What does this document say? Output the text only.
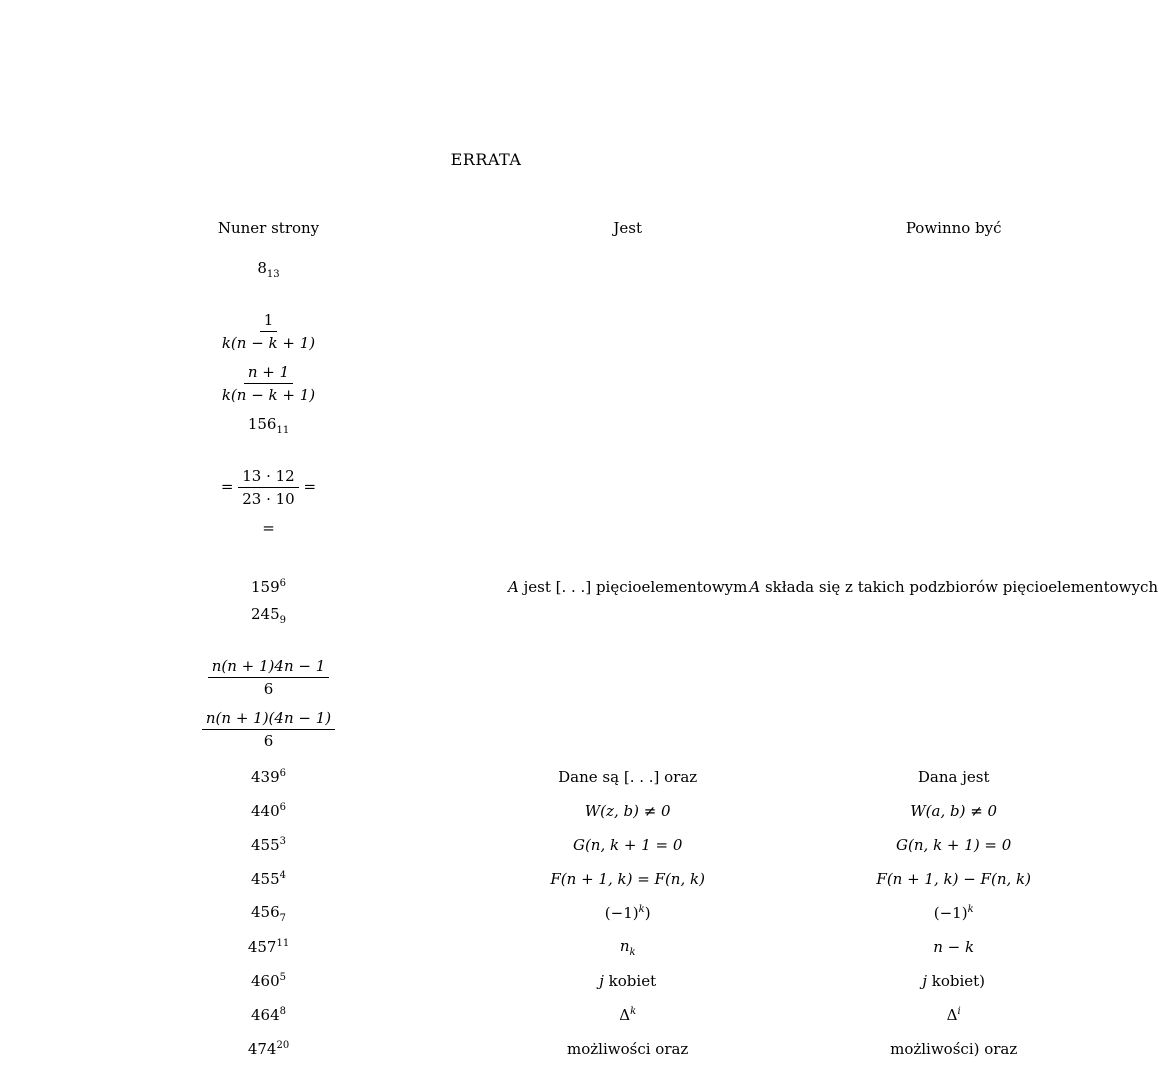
ERRATA
Nuner strony	Jest	Powinno być

$8_{13}$
$\frac{1}{k(n - k + 1)}$
$\frac{n + 1}{k(n - k + 1)}$
$156_{11}$
= $\frac{13 \cdot 12}{23 \cdot 10}$ =
=
$159^6$	A jest [. . .] pięcioelementowym	A składa się z takich podzbiorów pięcioelementowych

$245_9$
$\frac{n(n + 1)4n - 1}{6}$
$\frac{n(n + 1)(4n - 1)}{6}$
$439^6$	Dane są [. . .] oraz	Dana jest
$440^6$	W(z, b) ≠ 0	W(a, b) ≠ 0
$455^3$	G(n, k + 1 = 0	G(n, k + 1) = 0
$455^4$	F(n + 1, k) = F(n, k)	F(n + 1, k) − F(n, k)
$456_7$	$(-1)^k$)	$(-1)^k$
$457^{11}$	$n_k$	n − k
$460^5$	j kobiet	j kobiet)
$464^8$	$\Delta^k$	$\Delta^i$
$474^{20}$	możliwości oraz	możliwości) oraz
